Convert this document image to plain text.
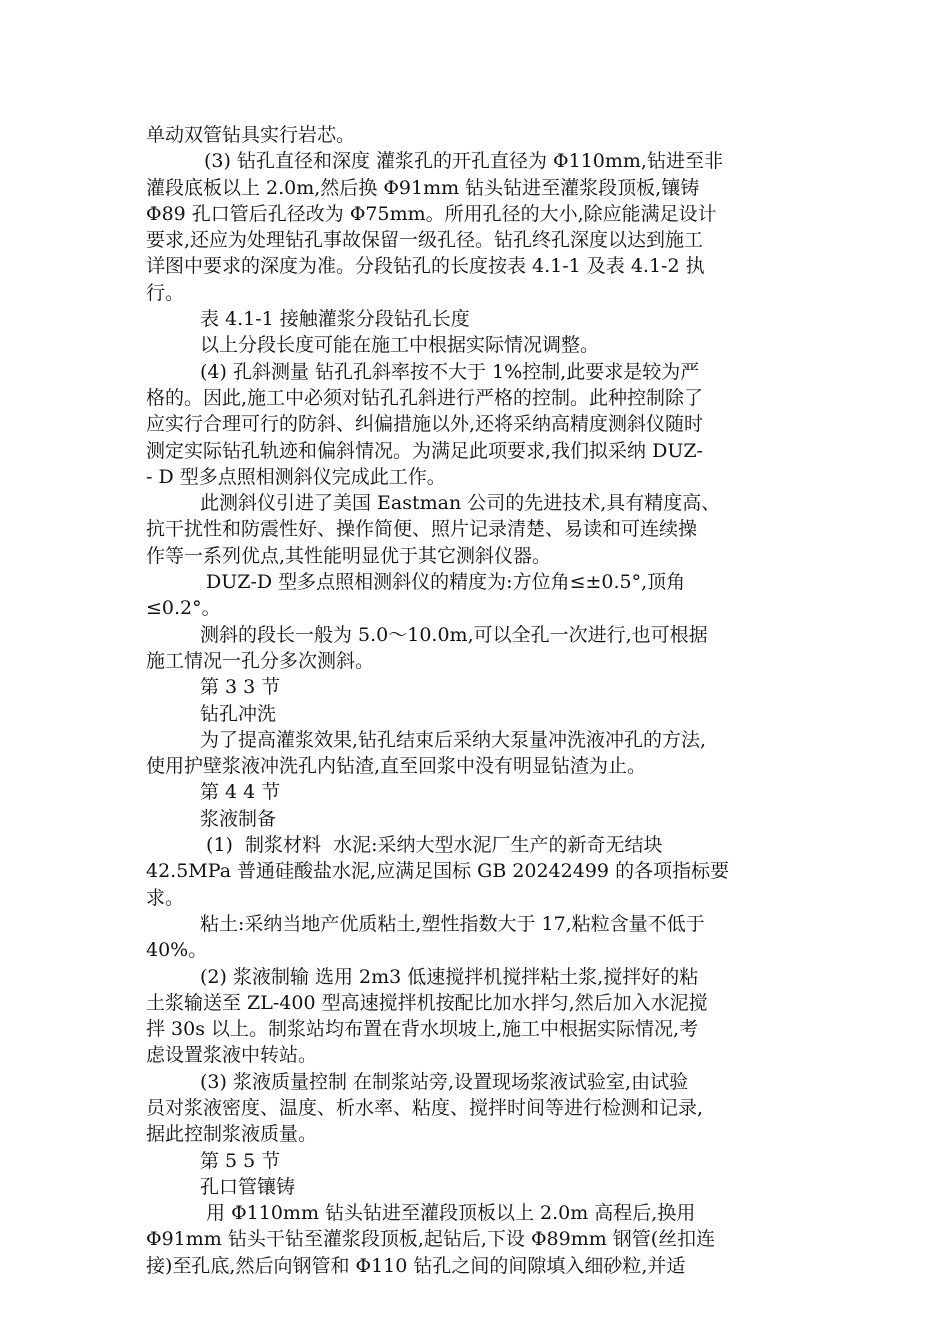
单动双管钻具实行岩芯。
(3) 钻孔直径和深度 灌浆孔的开孔直径为 Φ110mm,钻进至非
灌段底板以上 2.0m,然后换 Φ91mm 钻头钻进至灌浆段顶板,镶铸
Φ89 孔口管后孔径改为 Φ75mm。所用孔径的大小,除应能满足设计
要求,还应为处理钻孔事故保留一级孔径。钻孔终孔深度以达到施工
详图中要求的深度为准。分段钻孔的长度按表 4.1-1 及表 4.1-2 执
行。
表 4.1-1 接触灌浆分段钻孔长度
以上分段长度可能在施工中根据实际情况调整。
(4) 孔斜测量 钻孔孔斜率按不大于 1%控制,此要求是较为严
格的。因此,施工中必须对钻孔孔斜进行严格的控制。此种控制除了
应实行合理可行的防斜、纠偏措施以外,还将采纳高精度测斜仪随时
测定实际钻孔轨迹和偏斜情况。为满足此项要求,我们拟采纳 DUZ-
- D 型多点照相测斜仪完成此工作。
此测斜仪引进了美国 Eastman 公司的先进技术,具有精度高、
抗干扰性和防震性好、操作简便、照片记录清楚、易读和可连续操
作等一系列优点,其性能明显优于其它测斜仪器。
DUZ-D 型多点照相测斜仪的精度为:方位角≤±0.5°,顶角
≤0.2°。
测斜的段长一般为 5.0～10.0m,可以全孔一次进行,也可根据
施工情况一孔分多次测斜。
第 3 3 节
钻孔冲洗
为了提高灌浆效果,钻孔结束后采纳大泵量冲洗液冲孔的方法,
使用护壁浆液冲洗孔内钻渣,直至回浆中没有明显钻渣为止。
第 4 4 节
浆液制备
(1)  制浆材料  水泥:采纳大型水泥厂生产的新奇无结块
42.5MPa 普通硅酸盐水泥,应满足国标 GB 20242499 的各项指标要
求。
粘土:采纳当地产优质粘土,塑性指数大于 17,粘粒含量不低于
40%。
(2) 浆液制输 选用 2m3 低速搅拌机搅拌粘土浆,搅拌好的粘
土浆输送至 ZL-400 型高速搅拌机按配比加水拌匀,然后加入水泥搅
拌 30s 以上。制浆站均布置在背水坝坡上,施工中根据实际情况,考
虑设置浆液中转站。
(3) 浆液质量控制 在制浆站旁,设置现场浆液试验室,由试验
员对浆液密度、温度、析水率、粘度、搅拌时间等进行检测和记录,
据此控制浆液质量。
第 5 5 节
孔口管镶铸
用 Φ110mm 钻头钻进至灌段顶板以上 2.0m 高程后,换用
Φ91mm 钻头干钻至灌浆段顶板,起钻后,下设 Φ89mm 钢管(丝扣连
接)至孔底,然后向钢管和 Φ110 钻孔之间的间隙填入细砂粒,并适
